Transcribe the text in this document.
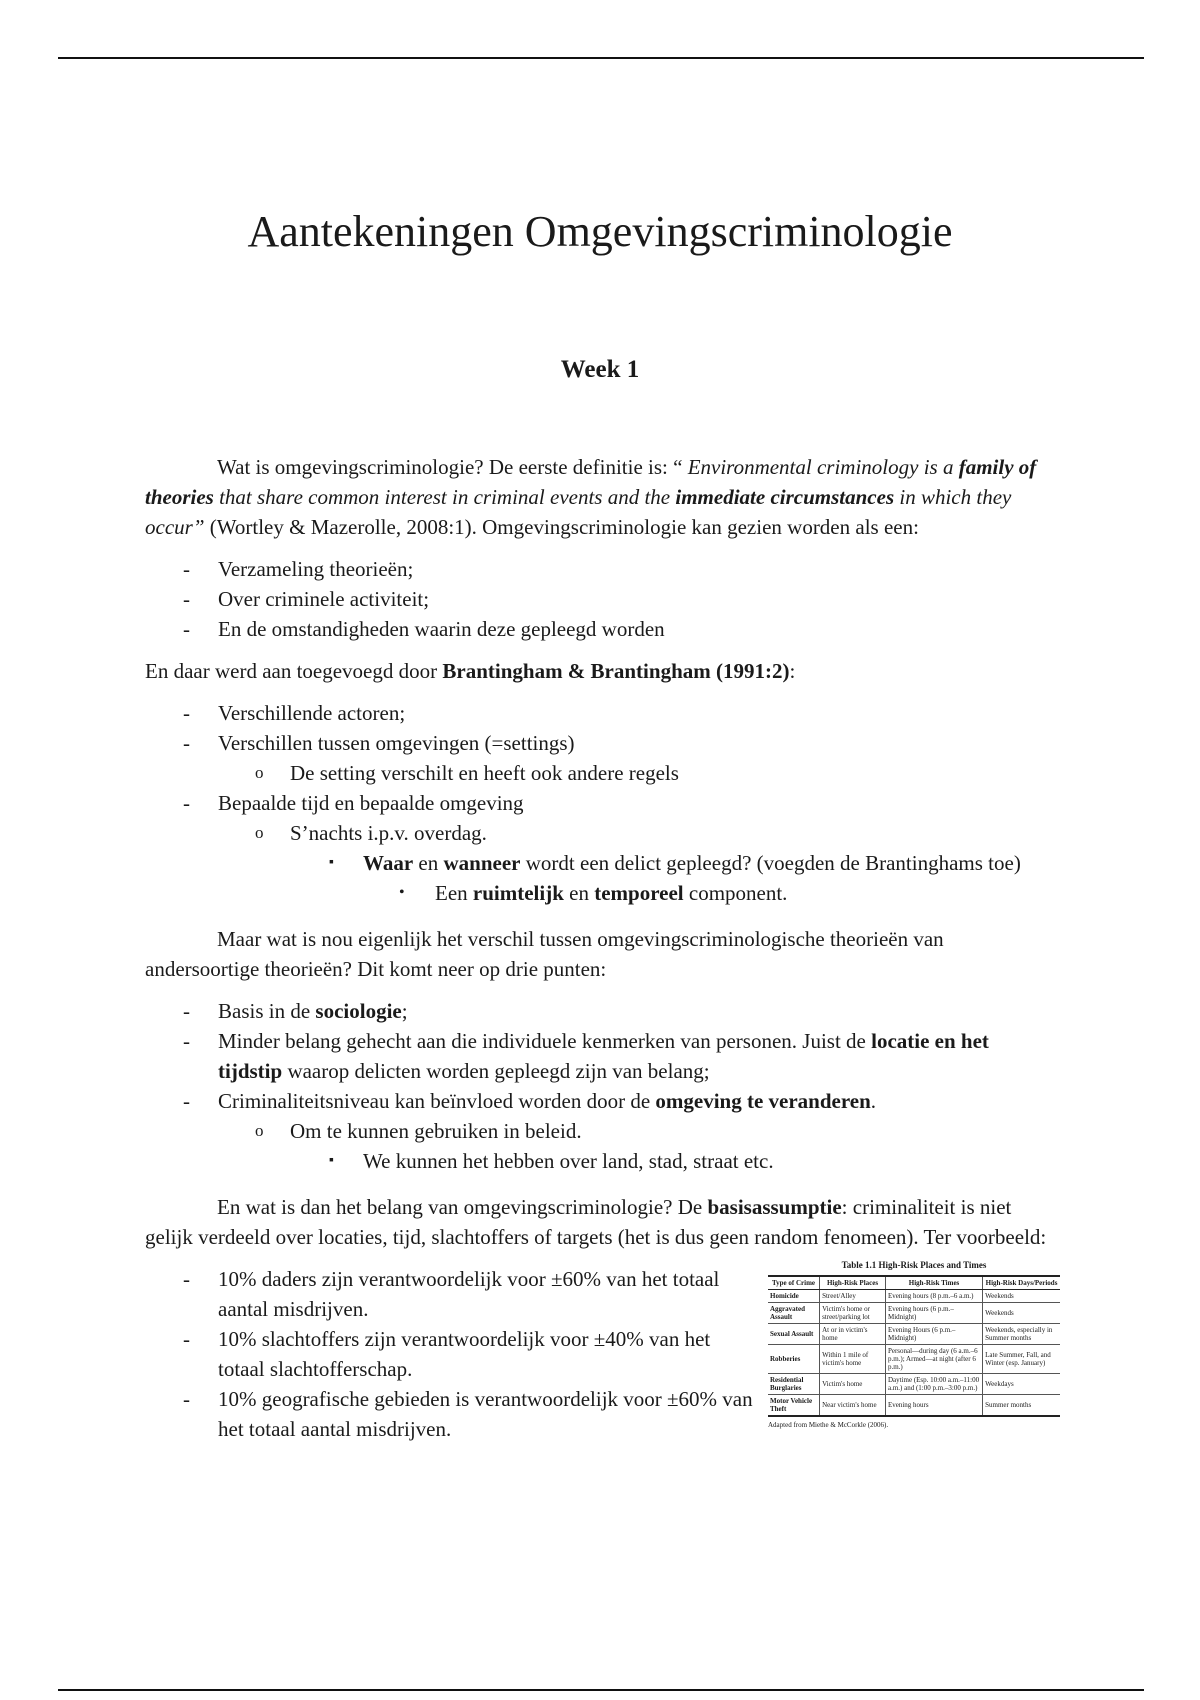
Aantekeningen Omgevingscriminologie
Week 1

Wat is omgevingscriminologie? De eerste definitie is: “ Environmental criminology is a family of theories that share common interest in criminal events and the immediate circumstances in which they occur” (Wortley & Mazerolle, 2008:1). Omgevingscriminologie kan gezien worden als een:

- Verzameling theorieën;
- Over criminele activiteit;
- En de omstandigheden waarin deze gepleegd worden

En daar werd aan toegevoegd door Brantingham & Brantingham (1991:2):

- Verschillende actoren;
- Verschillen tussen omgevingen (=settings)
o De setting verschilt en heeft ook andere regels
- Bepaalde tijd en bepaalde omgeving
o S’nachts i.p.v. overdag.
▪ Waar en wanneer wordt een delict gepleegd? (voegden de Brantinghams toe)
• Een ruimtelijk en temporeel component.

Maar wat is nou eigenlijk het verschil tussen omgevingscriminologische theorieën van andersoortige theorieën? Dit komt neer op drie punten:

- Basis in de sociologie;
- Minder belang gehecht aan die individuele kenmerken van personen. Juist de locatie en het tijdstip waarop delicten worden gepleegd zijn van belang;
- Criminaliteitsniveau kan beïnvloed worden door de omgeving te veranderen.
o Om te kunnen gebruiken in beleid.
▪ We kunnen het hebben over land, stad, straat etc.

En wat is dan het belang van omgevingscriminologie? De basisassumptie: criminaliteit is niet gelijk verdeeld over locaties, tijd, slachtoffers of targets (het is dus geen random fenomeen). Ter voorbeeld:

- 10% daders zijn verantwoordelijk voor ±60% van het totaal aantal misdrijven.
- 10% slachtoffers zijn verantwoordelijk voor ±40% van het totaal slachtofferschap.
- 10% geografische gebieden is verantwoordelijk voor ±60% van het totaal aantal misdrijven.
Table 1.1 High-Risk Places and Times
Type of Crime	High-Risk Places	High-Risk Times	High-Risk Days/Periods
Homicide	Street/Alley	Evening hours (8 p.m.–6 a.m.)	Weekends
Aggravated Assault	Victim's home or street/parking lot	Evening hours (6 p.m.–Midnight)	Weekends
Sexual Assault	At or in victim's home	Evening Hours (6 p.m.–Midnight)	Weekends, especially in Summer months
Robberies	Within 1 mile of victim's home	Personal—during day (6 a.m.–6 p.m.); Armed—at night (after 6 p.m.)	Late Summer, Fall, and Winter (esp. January)
Residential Burglaries	Victim's home	Daytime (Esp. 10:00 a.m.–11:00 a.m.) and (1:00 p.m.–3:00 p.m.)	Weekdays
Motor Vehicle Theft	Near victim's home	Evening hours	Summer months
Adapted from Miethe & McCorkle (2006).
